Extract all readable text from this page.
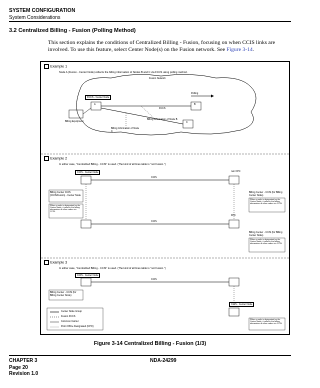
SYSTEM CONFIGURATION
System Considerations
3.2 Centralized Billing - Fusion (Polling Method)
This section explains the conditions of Centralized Billing - Fusion, focusing on when CCIS links are involved. To use this feature, select Center Node(s) on the Fusion network. See Figure 3-14.
Example 1
Node A (Fusion - Center Node) collects the billing information of Nodes B and C via FCCS using polling method.
Fusion Network
FCCS - Center Node
A	B
C
Polling
FCCS
Billing Information of Node B
Billing Information of Node C
Billing Equipment
Example 2
In either case, "Centralized Billing - CCIS" is used. (The kind of all lines table is "not Fusion.")
CCIS - Center Node
CCIS
CCIS
non FPC
FPC
Billing Center CCIS (CCIS/Fusion) - Center Node
When a node is designated as the Center Node, it collects the billing information of other nodes via CCIS.
Billing Center - CCIS (for Billing Center Node)
When a node is designated as the Center Node, it collects the billing information of other nodes via CCIS.
Billing Center - CCIS (for Billing Center Node)
When a node is designated as the Center Node, it collects the billing information of other nodes via CCIS.
Example 3
In either case, "Centralized Billing - CCIS" is used. (The kind of all lines table is "not Fusion.")
CCIS - Center Node
CCIS
Billing Center - CCIS (for Billing Center Node)
CCIS - Center Node
When a node is designated as the Center Node, it collects the billing information of other nodes via CCIS.
Center Node Group
Fusion FCCS
Common Carrier
Point Office Designated (CPO)
Figure 3-14 Centralized Billing - Fusion (1/3)
CHAPTER 3
Page 20
Revision 1.0
NDA-24299
